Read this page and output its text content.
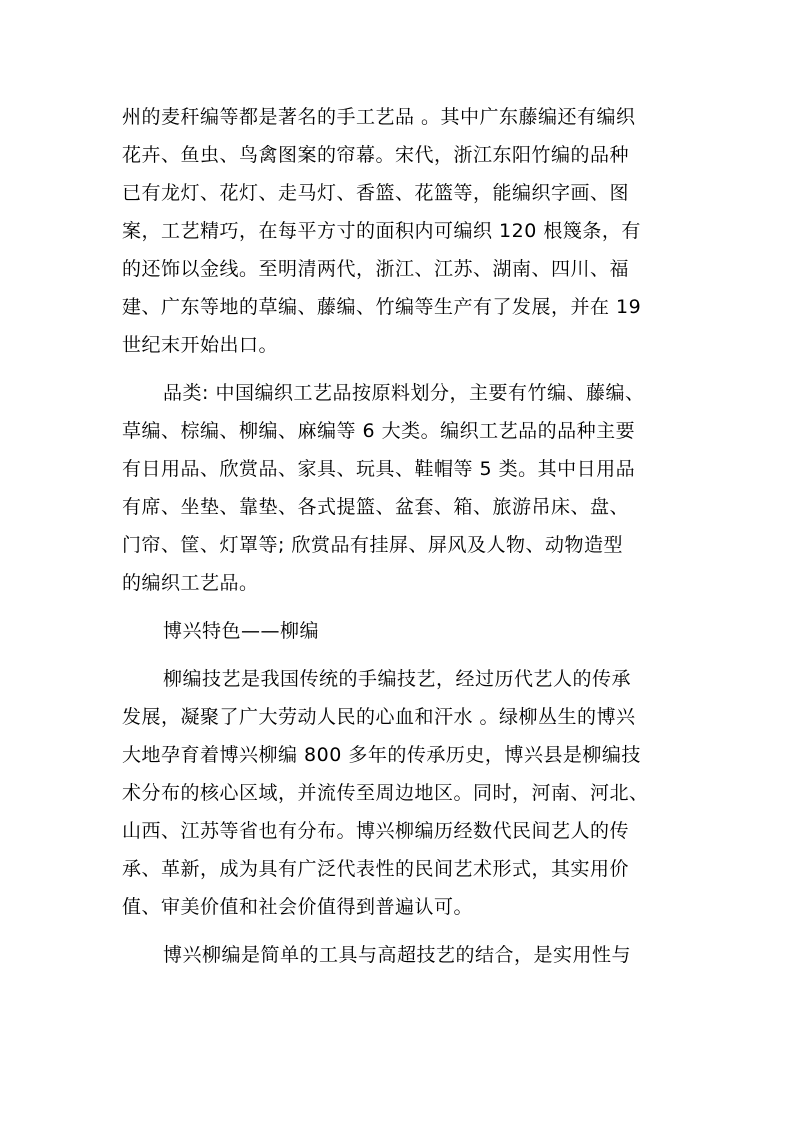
州的麦秆编等都是著名的手工艺品 。其中广东藤编还有编织
花卉、鱼虫、鸟禽图案的帘幕。宋代，浙江东阳竹编的品种
已有龙灯、花灯、走马灯、香篮、花篮等，能编织字画、图
案，工艺精巧，在每平方寸的面积内可编织 120 根篾条，有
的还饰以金线。至明清两代，浙江、江苏、湖南、四川、福
建、广东等地的草编、藤编、竹编等生产有了发展，并在 19
世纪末开始出口。
品类: 中国编织工艺品按原料划分，主要有竹编、藤编、
草编、棕编、柳编、麻编等 6 大类。编织工艺品的品种主要
有日用品、欣赏品、家具、玩具、鞋帽等 5 类。其中日用品
有席、坐垫、靠垫、各式提篮、盆套、箱、旅游吊床、盘、
门帘、筐、灯罩等; 欣赏品有挂屏、屏风及人物、动物造型
的编织工艺品。
博兴特色——柳编
柳编技艺是我国传统的手编技艺，经过历代艺人的传承
发展，凝聚了广大劳动人民的心血和汗水 。绿柳丛生的博兴
大地孕育着博兴柳编 800 多年的传承历史，博兴县是柳编技
术分布的核心区域，并流传至周边地区。同时，河南、河北、
山西、江苏等省也有分布。博兴柳编历经数代民间艺人的传
承、革新，成为具有广泛代表性的民间艺术形式，其实用价
值、审美价值和社会价值得到普遍认可。
博兴柳编是简单的工具与高超技艺的结合，是实用性与
